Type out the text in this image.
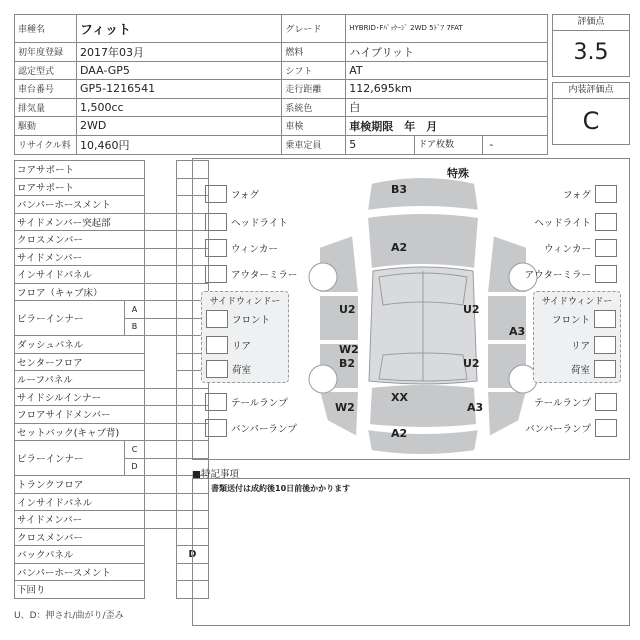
車種名	フィット	グレード	HYBRID･Fﾊﾟｯｹｰｼﾞ 2WD 5ﾄﾞｱ 7FAT
初年度登録	2017年03月	燃料	ハイブリット
認定型式	DAA-GP5	シフト	AT
車台番号	GP5-1216541	走行距離	112,695km
排気量	1,500cc	系統色	白
駆動	2WD	車検	車検期限　年　月
リサイクル料	10,460円	乗車定員	5 ドア枚数 -
評価点
3.5
内装評価点
C
コアサポート			
ロアサポート			
バンパーホースメント			
サイドメンバー突起部			
クロスメンバー			
サイドメンバー			
インサイドパネル			
フロア（キャブ床）			
ピラーインナー	A		
	B		
ダッシュパネル			
センターフロア			
ルーフパネル			
サイドシルインナー			
フロアサイドメンバー			
セットバック(キャブ背)			
ピラーインナー	C		
	D		
トランクフロア			
インサイドパネル			
サイドメンバー			
クロスメンバー			
バックパネル			D
バンパーホースメント			
下回り			
U、D：押され/曲がり/歪み
特殊
B3
A2
U2	U2
A3
W2
B2	U2
W2
XX
A3
A2
フォグ
ヘッドライト
ウィンカー
アウターミラー
サイドウィンドー
フロント
リア
荷室
テールランプ
バンパーランプ
フォグ
ヘッドライト
ウィンカー
アウターミラー
サイドウィンドー
フロント
リア
荷室
テールランプ
バンパーランプ
■特記事項
書類送付は成約後10日前後かかります
